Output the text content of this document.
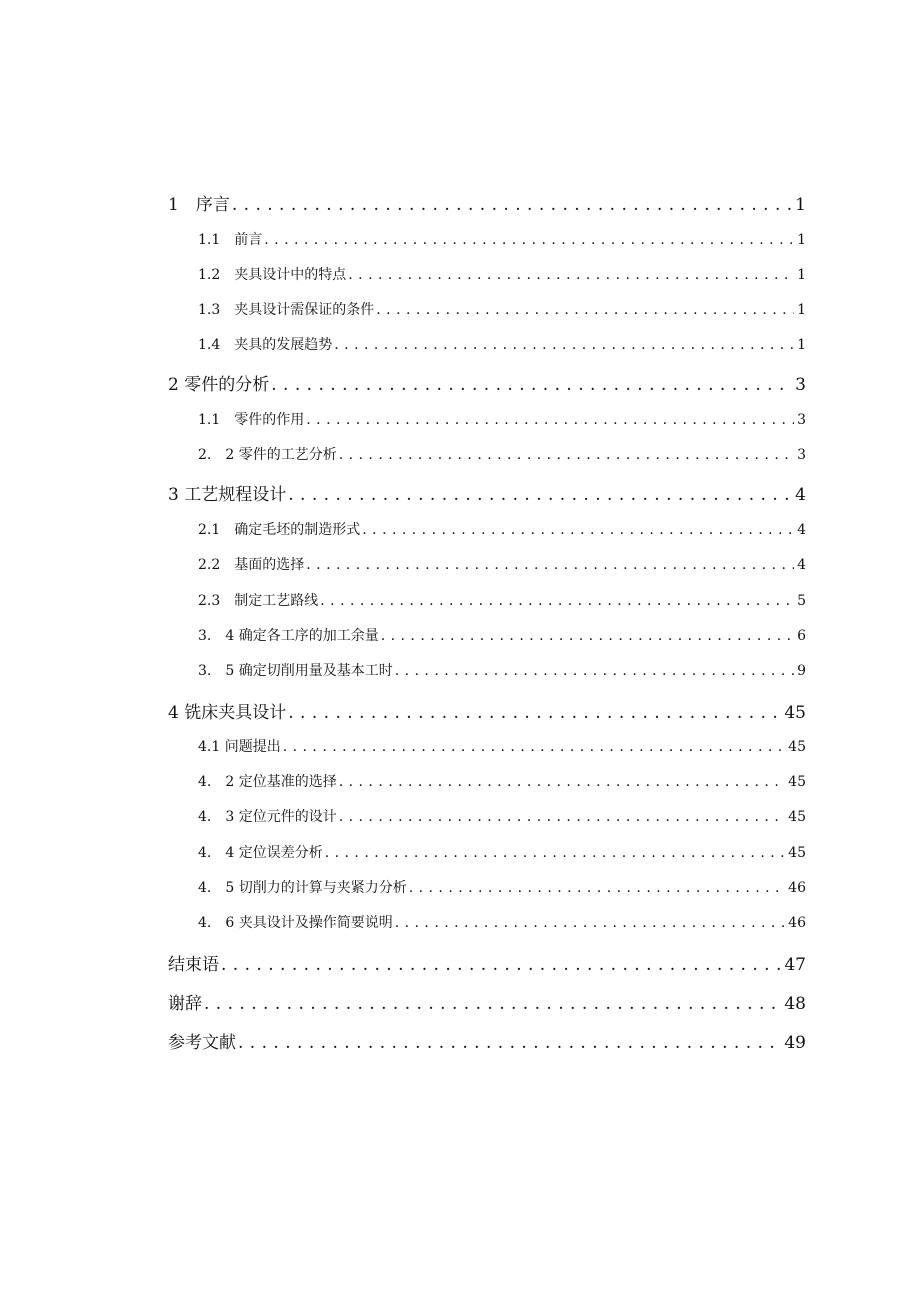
1　序言 . . .	1
1.1　前言 . . .	1
1.2　夹具设计中的特点 . . .	1
1.3　夹具设计需保证的条件 . . .	1
1.4　夹具的发展趋势 . . .	1
2 零件的分析 . . .	3
1.1　零件的作用 . . .	3
2.　2 零件的工艺分析 . . .	3
3 工艺规程设计 . . .	4
2.1　确定毛坯的制造形式 . . .	4
2.2　基面的选择 . . .	4
2.3　制定工艺路线 . . .	5
3.　4 确定各工序的加工余量 . . .	6
3.　5 确定切削用量及基本工时 . . .	9
4 铣床夹具设计 . . .	45
4.1 问题提出 . . .	45
4.　2 定位基准的选择 . . .	45
4.　3 定位元件的设计 . . .	45
4.　4 定位误差分析 . . .	45
4.　5 切削力的计算与夹紧力分析 . . .	46
4.　6 夹具设计及操作简要说明 . . .	46
结束语 . . .	47
谢辞 . . .	48
参考文献 . . .	49
